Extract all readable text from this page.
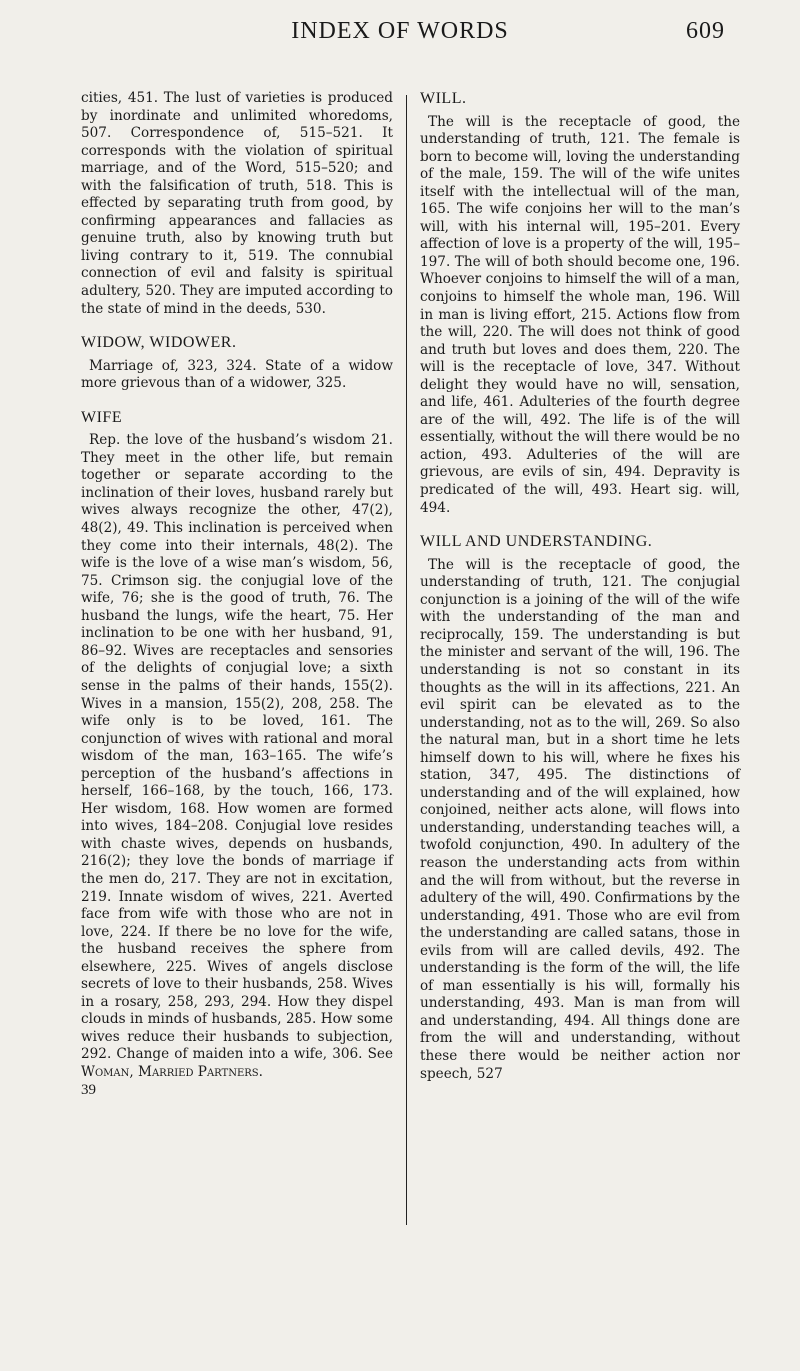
INDEX OF WORDS	609

cities, 451. The lust of varieties is produced by inordinate and unlimited whoredoms, 507. Correspondence of, 515–521. It corresponds with the violation of spiritual marriage, and of the Word, 515–520; and with the falsification of truth, 518. This is effected by separating truth from good, by confirming appearances and fallacies as genuine truth, also by knowing truth but living contrary to it, 519. The connubial connection of evil and falsity is spiritual adultery, 520. They are imputed according to the state of mind in the deeds, 530.

WIDOW, WIDOWER.

Marriage of, 323, 324. State of a widow more grievous than of a widower, 325.

WIFE

Rep. the love of the husband’s wisdom 21. They meet in the other life, but remain together or separate according to the inclination of their loves, husband rarely but wives always recognize the other, 47(2), 48(2), 49. This inclination is perceived when they come into their internals, 48(2). The wife is the love of a wise man’s wisdom, 56, 75. Crimson sig. the conjugial love of the wife, 76; she is the good of truth, 76. The husband the lungs, wife the heart, 75. Her inclination to be one with her husband, 91, 86–92. Wives are receptacles and sensories of the delights of conjugial love; a sixth sense in the palms of their hands, 155(2). Wives in a mansion, 155(2), 208, 258. The wife only is to be loved, 161. The conjunction of wives with rational and moral wisdom of the man, 163–165. The wife’s perception of the husband’s affections in herself, 166–168, by the touch, 166, 173. Her wisdom, 168. How women are formed into wives, 184–208. Conjugial love resides with chaste wives, depends on husbands, 216(2); they love the bonds of marriage if the men do, 217. They are not in excitation, 219. Innate wisdom of wives, 221. Averted face from wife with those who are not in love, 224. If there be no love for the wife, the husband receives the sphere from elsewhere, 225. Wives of angels disclose secrets of love to their husbands, 258. Wives in a rosary, 258, 293, 294. How they dispel clouds in minds of husbands, 285. How some wives reduce their husbands to subjection, 292. Change of maiden into a wife, 306. See Woman, Married Partners.

39

WILL.

The will is the receptacle of good, the understanding of truth, 121. The female is born to become will, loving the understanding of the male, 159. The will of the wife unites itself with the intellectual will of the man, 165. The wife conjoins her will to the man’s will, with his internal will, 195–201. Every affection of love is a property of the will, 195–197. The will of both should become one, 196. Whoever conjoins to himself the will of a man, conjoins to himself the whole man, 196. Will in man is living effort, 215. Actions flow from the will, 220. The will does not think of good and truth but loves and does them, 220. The will is the receptacle of love, 347. Without delight they would have no will, sensation, and life, 461. Adulteries of the fourth degree are of the will, 492. The life is of the will essentially, without the will there would be no action, 493. Adulteries of the will are grievous, are evils of sin, 494. Depravity is predicated of the will, 493. Heart sig. will, 494.

WILL AND UNDERSTANDING.

The will is the receptacle of good, the understanding of truth, 121. The conjugial conjunction is a joining of the will of the wife with the understanding of the man and reciprocally, 159. The understanding is but the minister and servant of the will, 196. The understanding is not so constant in its thoughts as the will in its affections, 221. An evil spirit can be elevated as to the understanding, not as to the will, 269. So also the natural man, but in a short time he lets himself down to his will, where he fixes his station, 347, 495. The distinctions of understanding and of the will explained, how conjoined, neither acts alone, will flows into understanding, understanding teaches will, a twofold conjunction, 490. In adultery of the reason the understanding acts from within and the will from without, but the reverse in adultery of the will, 490. Confirmations by the understanding, 491. Those who are evil from the understanding are called satans, those in evils from will are called devils, 492. The understanding is the form of the will, the life of man essentially is his will, formally his understanding, 493. Man is man from will and understanding, 494. All things done are from the will and understanding, without these there would be neither action nor speech, 527
